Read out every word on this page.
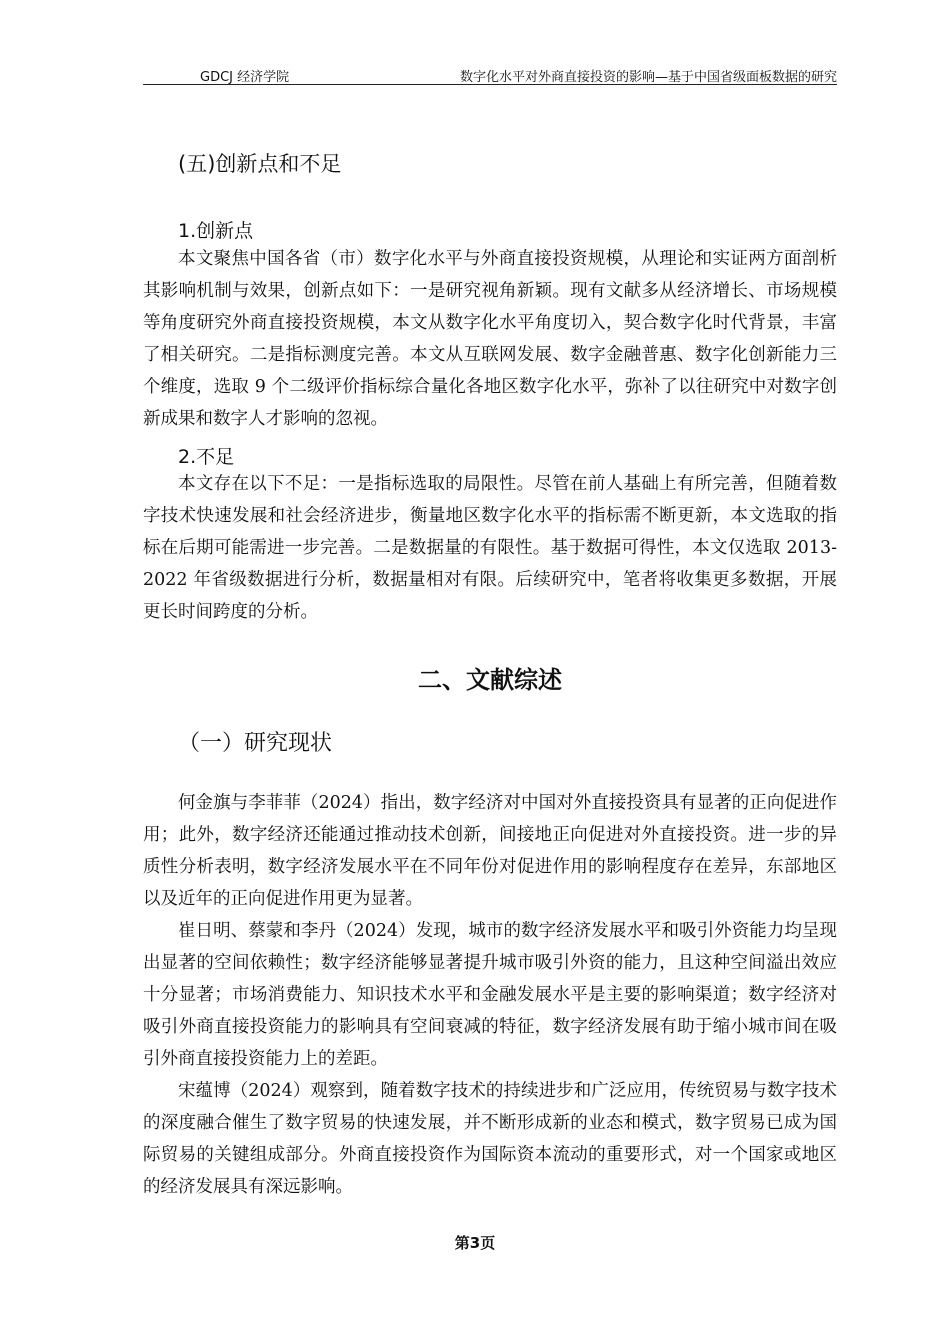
GDCJ 经济学院	数字化水平对外商直接投资的影响—基于中国省级面板数据的研究
(五)创新点和不足
1.创新点

本文聚焦中国各省（市）数字化水平与外商直接投资规模，从理论和实证两方面剖析其影响机制与效果，创新点如下：一是研究视角新颖。现有文献多从经济增长、市场规模等角度研究外商直接投资规模，本文从数字化水平角度切入，契合数字化时代背景，丰富了相关研究。二是指标测度完善。本文从互联网发展、数字金融普惠、数字化创新能力三个维度，选取 9 个二级评价指标综合量化各地区数字化水平，弥补了以往研究中对数字创新成果和数字人才影响的忽视。

2.不足

本文存在以下不足：一是指标选取的局限性。尽管在前人基础上有所完善，但随着数字技术快速发展和社会经济进步，衡量地区数字化水平的指标需不断更新，本文选取的指标在后期可能需进一步完善。二是数据量的有限性。基于数据可得性，本文仅选取 2013-2022 年省级数据进行分析，数据量相对有限。后续研究中，笔者将收集更多数据，开展更长时间跨度的分析。

二、文献综述
（一）研究现状

何金旗与李菲菲（2024）指出，数字经济对中国对外直接投资具有显著的正向促进作用；此外，数字经济还能通过推动技术创新，间接地正向促进对外直接投资。进一步的异质性分析表明，数字经济发展水平在不同年份对促进作用的影响程度存在差异，东部地区以及近年的正向促进作用更为显著。

崔日明、蔡蒙和李丹（2024）发现，城市的数字经济发展水平和吸引外资能力均呈现出显著的空间依赖性；数字经济能够显著提升城市吸引外资的能力，且这种空间溢出效应十分显著；市场消费能力、知识技术水平和金融发展水平是主要的影响渠道；数字经济对吸引外商直接投资能力的影响具有空间衰减的特征，数字经济发展有助于缩小城市间在吸引外商直接投资能力上的差距。

宋蕴博（2024）观察到，随着数字技术的持续进步和广泛应用，传统贸易与数字技术的深度融合催生了数字贸易的快速发展，并不断形成新的业态和模式，数字贸易已成为国际贸易的关键组成部分。外商直接投资作为国际资本流动的重要形式，对一个国家或地区的经济发展具有深远影响。

第3页
